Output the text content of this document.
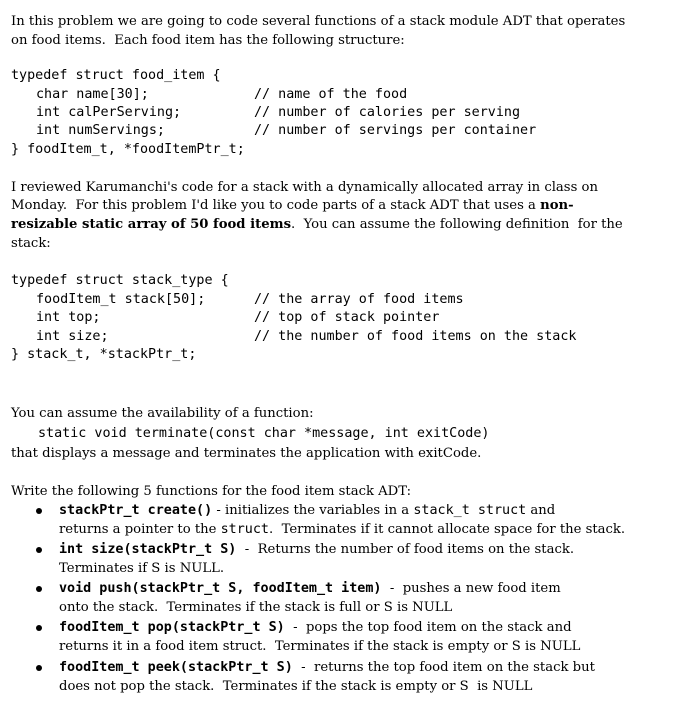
In this problem we are going to code several functions of a stack module ADT that operates
on food items.  Each food item has the following structure:
typedef struct food_item {
char name[30];	// name of the food
int calPerServing;	// number of calories per serving
int numServings;	// number of servings per container
} foodItem_t, *foodItemPtr_t;
I reviewed Karumanchi's code for a stack with a dynamically allocated array in class on
Monday.  For this problem I'd like you to code parts of a stack ADT that uses a non-
resizable static array of 50 food items.  You can assume the following definition  for the
stack:
typedef struct stack_type {
foodItem_t stack[50];	// the array of food items
int top;	// top of stack pointer
int size;	// the number of food items on the stack
} stack_t, *stackPtr_t;
You can assume the availability of a function:
static void terminate(const char *message, int exitCode)
that displays a message and terminates the application with exitCode.
Write the following 5 functions for the food item stack ADT:
stackPtr_t create() - initializes the variables in a stack_t struct and
returns a pointer to the struct.  Terminates if it cannot allocate space for the stack.
int size(stackPtr_t S)  -  Returns the number of food items on the stack.
Terminates if S is NULL.
void push(stackPtr_t S, foodItem_t item)  -  pushes a new food item
onto the stack.  Terminates if the stack is full or S is NULL
foodItem_t pop(stackPtr_t S)  -  pops the top food item on the stack and
returns it in a food item struct.  Terminates if the stack is empty or S is NULL
foodItem_t peek(stackPtr_t S)  -  returns the top food item on the stack but
does not pop the stack.  Terminates if the stack is empty or S  is NULL
